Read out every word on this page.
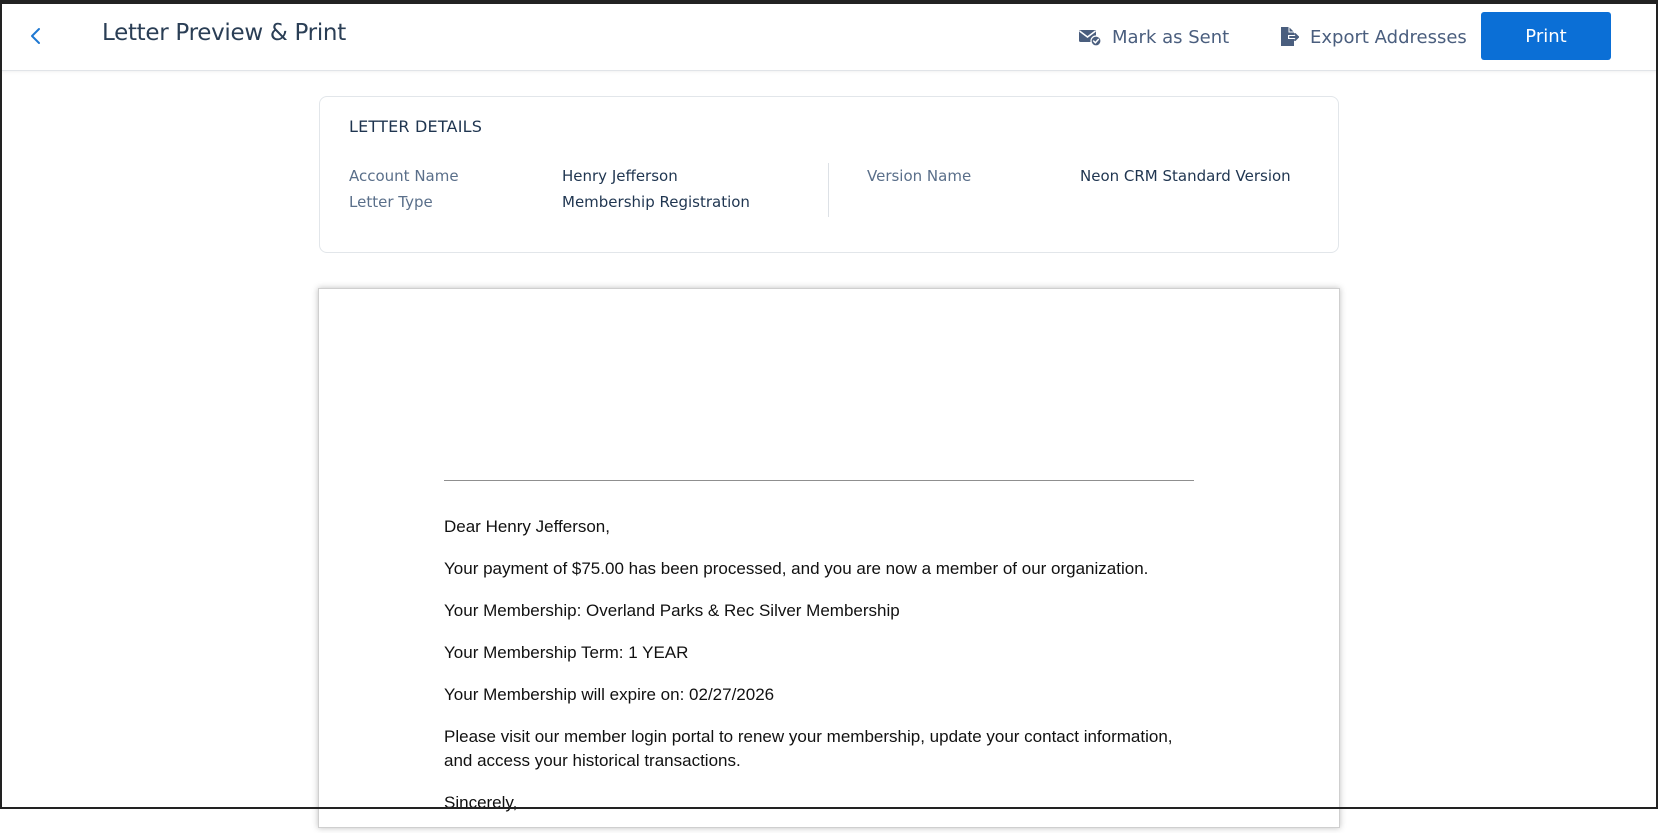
Letter Preview & Print	Mark as Sent	Export Addresses	Print
LETTER DETAILS
Account Name	Henry Jefferson
Letter Type	Membership Registration
Version Name	Neon CRM Standard Version

Dear Henry Jefferson,

Your payment of $75.00 has been processed, and you are now a member of our organization.

Your Membership: Overland Parks & Rec Silver Membership

Your Membership Term: 1 YEAR

Your Membership will expire on: 02/27/2026

Please visit our member login portal to renew your membership, update your contact information, and access your historical transactions.

Sincerely,
